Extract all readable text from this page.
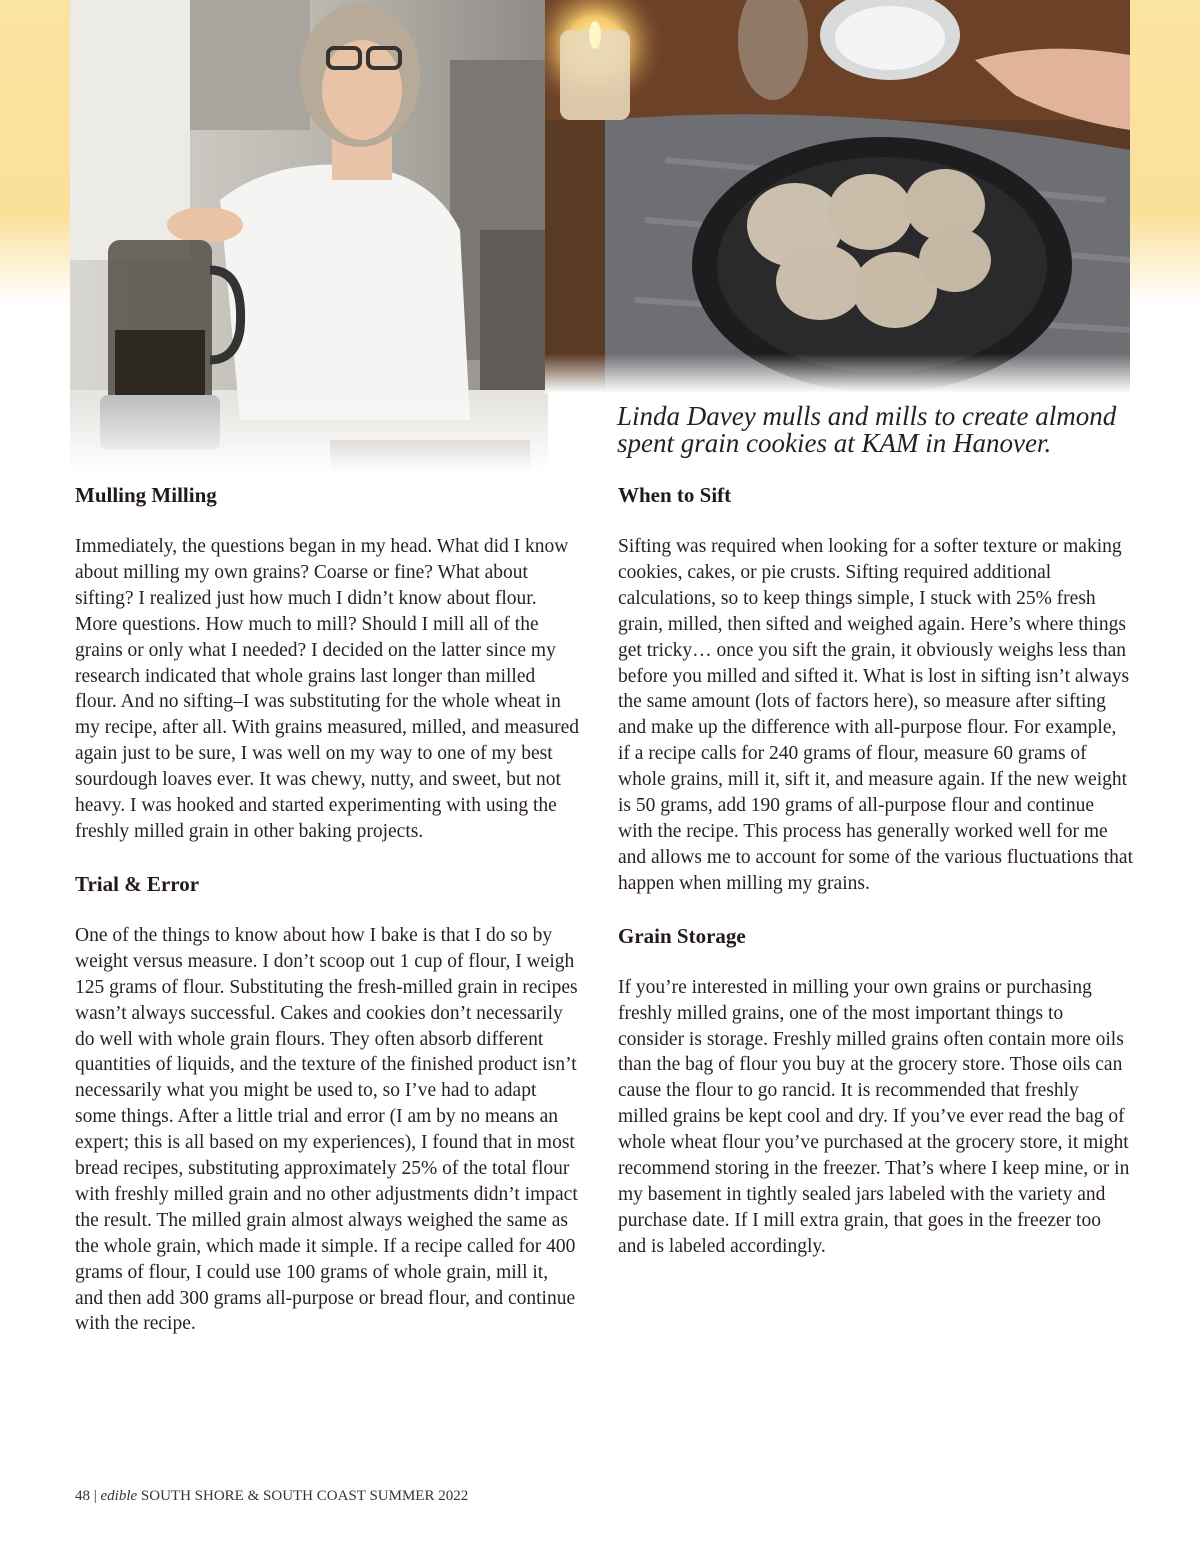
Linda Davey mulls and mills to create almond spent grain cookies at KAM in Hanover.
Mulling Milling
Immediately, the questions began in my head. What did I know about milling my own grains? Coarse or fine? What about sifting? I realized just how much I didn’t know about flour. More questions. How much to mill? Should I mill all of the grains or only what I needed? I decided on the latter since my research indicated that whole grains last longer than milled flour. And no sifting–I was substituting for the whole wheat in my recipe, after all. With grains measured, milled, and measured again just to be sure, I was well on my way to one of my best sourdough loaves ever. It was chewy, nutty, and sweet, but not heavy. I was hooked and started experimenting with using the freshly milled grain in other baking projects.
Trial & Error
One of the things to know about how I bake is that I do so by weight versus measure. I don’t scoop out 1 cup of flour, I weigh 125 grams of flour. Substituting the fresh-milled grain in recipes wasn’t always successful. Cakes and cookies don’t necessarily do well with whole grain flours. They often absorb different quantities of liquids, and the texture of the finished product isn’t necessarily what you might be used to, so I’ve had to adapt some things. After a little trial and error (I am by no means an expert; this is all based on my experiences), I found that in most bread recipes, substituting approximately 25% of the total flour with freshly milled grain and no other adjustments didn’t impact the result. The milled grain almost always weighed the same as the whole grain, which made it simple. If a recipe called for 400 grams of flour, I could use 100 grams of whole grain, mill it, and then add 300 grams all-purpose or bread flour, and continue with the recipe.
When to Sift
Sifting was required when looking for a softer texture or making cookies, cakes, or pie crusts. Sifting required additional calculations, so to keep things simple, I stuck with 25% fresh grain, milled, then sifted and weighed again. Here’s where things get tricky… once you sift the grain, it obviously weighs less than before you milled and sifted it. What is lost in sifting isn’t always the same amount (lots of factors here), so measure after sifting and make up the difference with all-purpose flour. For example, if a recipe calls for 240 grams of flour, measure 60 grams of whole grains, mill it, sift it, and measure again. If the new weight is 50 grams, add 190 grams of all-purpose flour and continue with the recipe. This process has generally worked well for me and allows me to account for some of the various fluctuations that happen when milling my grains.
Grain Storage
If you’re interested in milling your own grains or purchasing freshly milled grains, one of the most important things to consider is storage. Freshly milled grains often contain more oils than the bag of flour you buy at the grocery store. Those oils can cause the flour to go rancid. It is recommended that freshly milled grains be kept cool and dry. If you’ve ever read the bag of whole wheat flour you’ve purchased at the grocery store, it might recommend storing in the freezer. That’s where I keep mine, or in my basement in tightly sealed jars labeled with the variety and purchase date. If I mill extra grain, that goes in the freezer too and is labeled accordingly.
48 | edible SOUTH SHORE & SOUTH COAST SUMMER 2022
